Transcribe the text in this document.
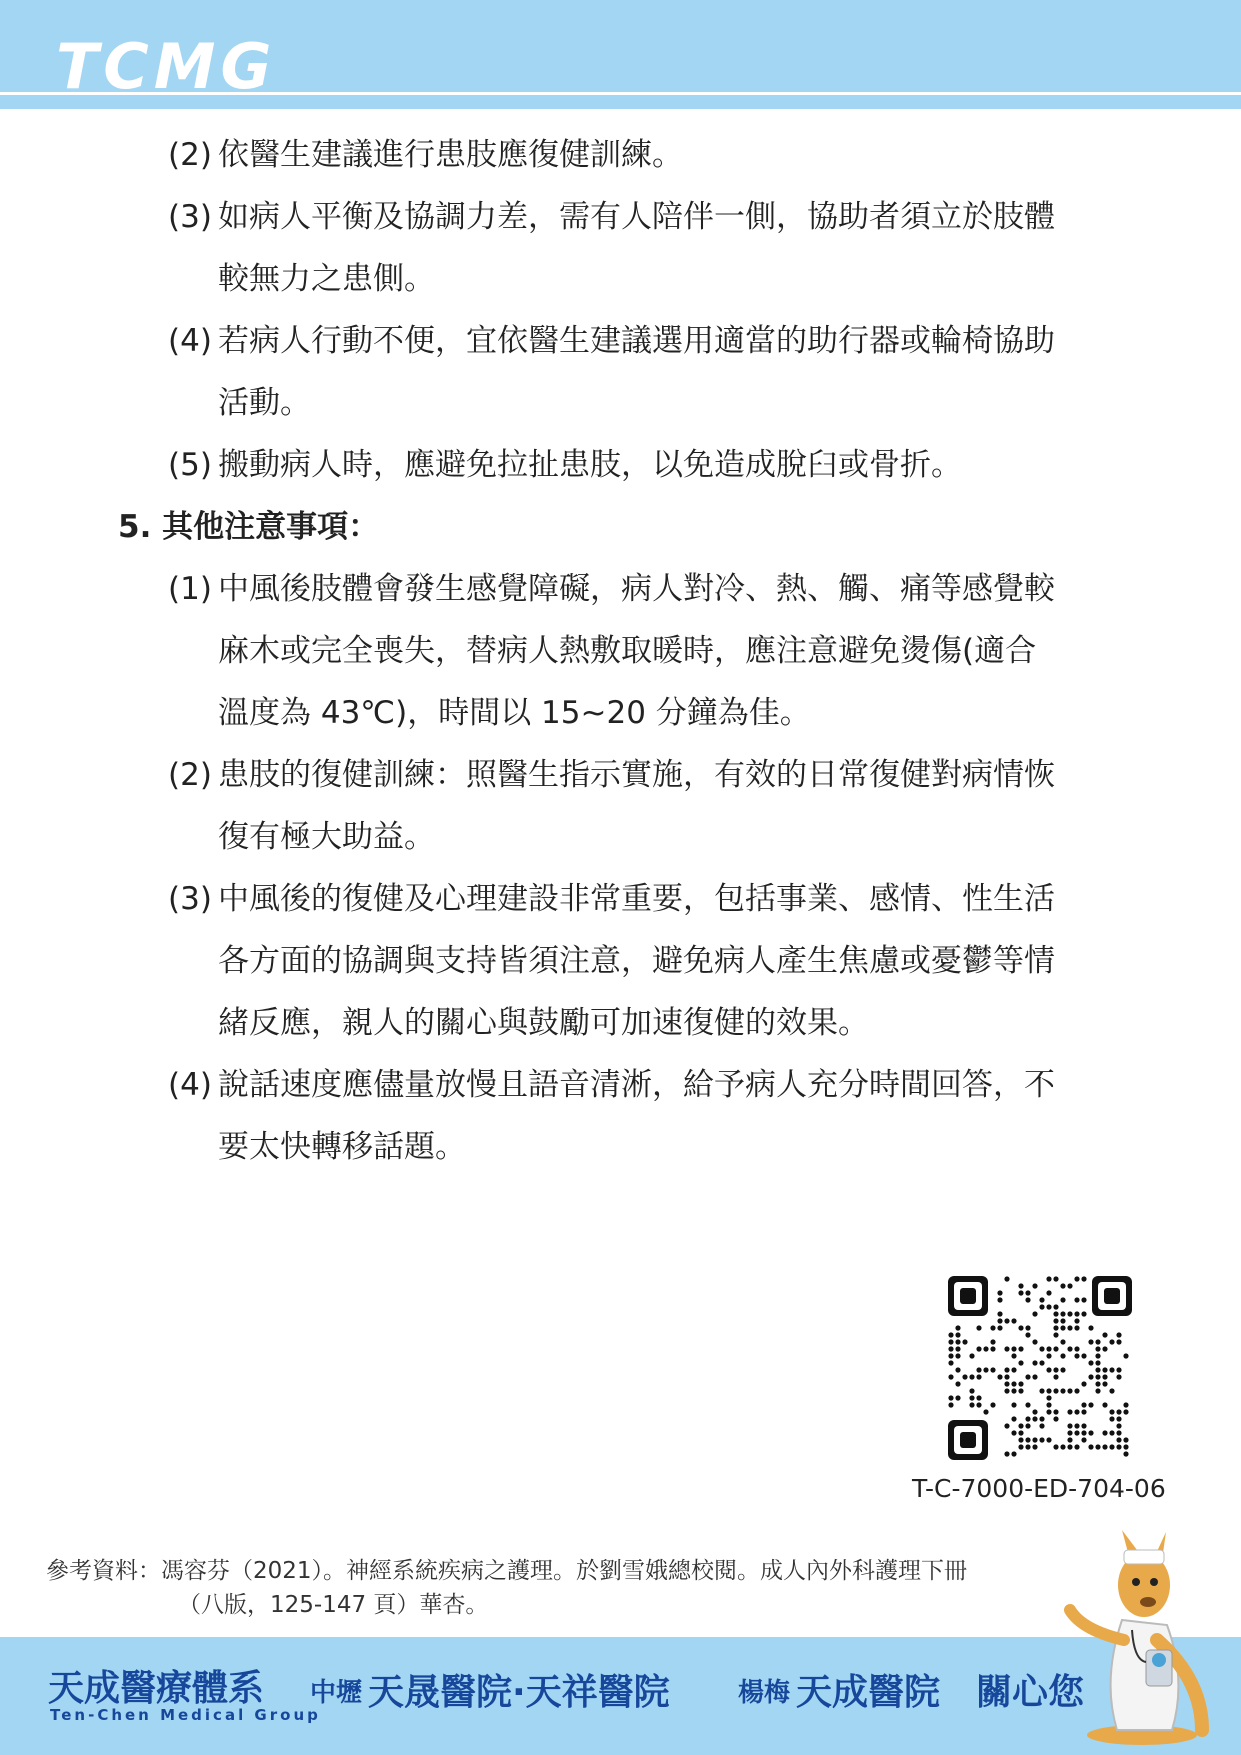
TCMG
(2) 依醫生建議進行患肢應復健訓練。
(3) 如病人平衡及協調力差，需有人陪伴一側，協助者須立於肢體
較無力之患側。
(4) 若病人行動不便，宜依醫生建議選用適當的助行器或輪椅協助
活動。
(5) 搬動病人時，應避免拉扯患肢，以免造成脫臼或骨折。
5. 其他注意事項：
(1) 中風後肢體會發生感覺障礙，病人對冷、熱、觸、痛等感覺較
麻木或完全喪失，替病人熱敷取暖時，應注意避免燙傷(適合
溫度為 43℃)，時間以 15~20 分鐘為佳。
(2) 患肢的復健訓練：照醫生指示實施，有效的日常復健對病情恢
復有極大助益。
(3) 中風後的復健及心理建設非常重要，包括事業、感情、性生活
各方面的協調與支持皆須注意，避免病人產生焦慮或憂鬱等情
緒反應，親人的關心與鼓勵可加速復健的效果。
(4) 說話速度應儘量放慢且語音清淅，給予病人充分時間回答，不
要太快轉移話題。
T-C-7000-ED-704-06
參考資料：馮容芬（2021）。神經系統疾病之護理。於劉雪娥總校閱。成人內外科護理下冊
（八版，125-147 頁）華杏。
天成醫療體系
Ten-Chen Medical Group
中壢 天晟醫院·天祥醫院	楊梅 天成醫院 關心您
